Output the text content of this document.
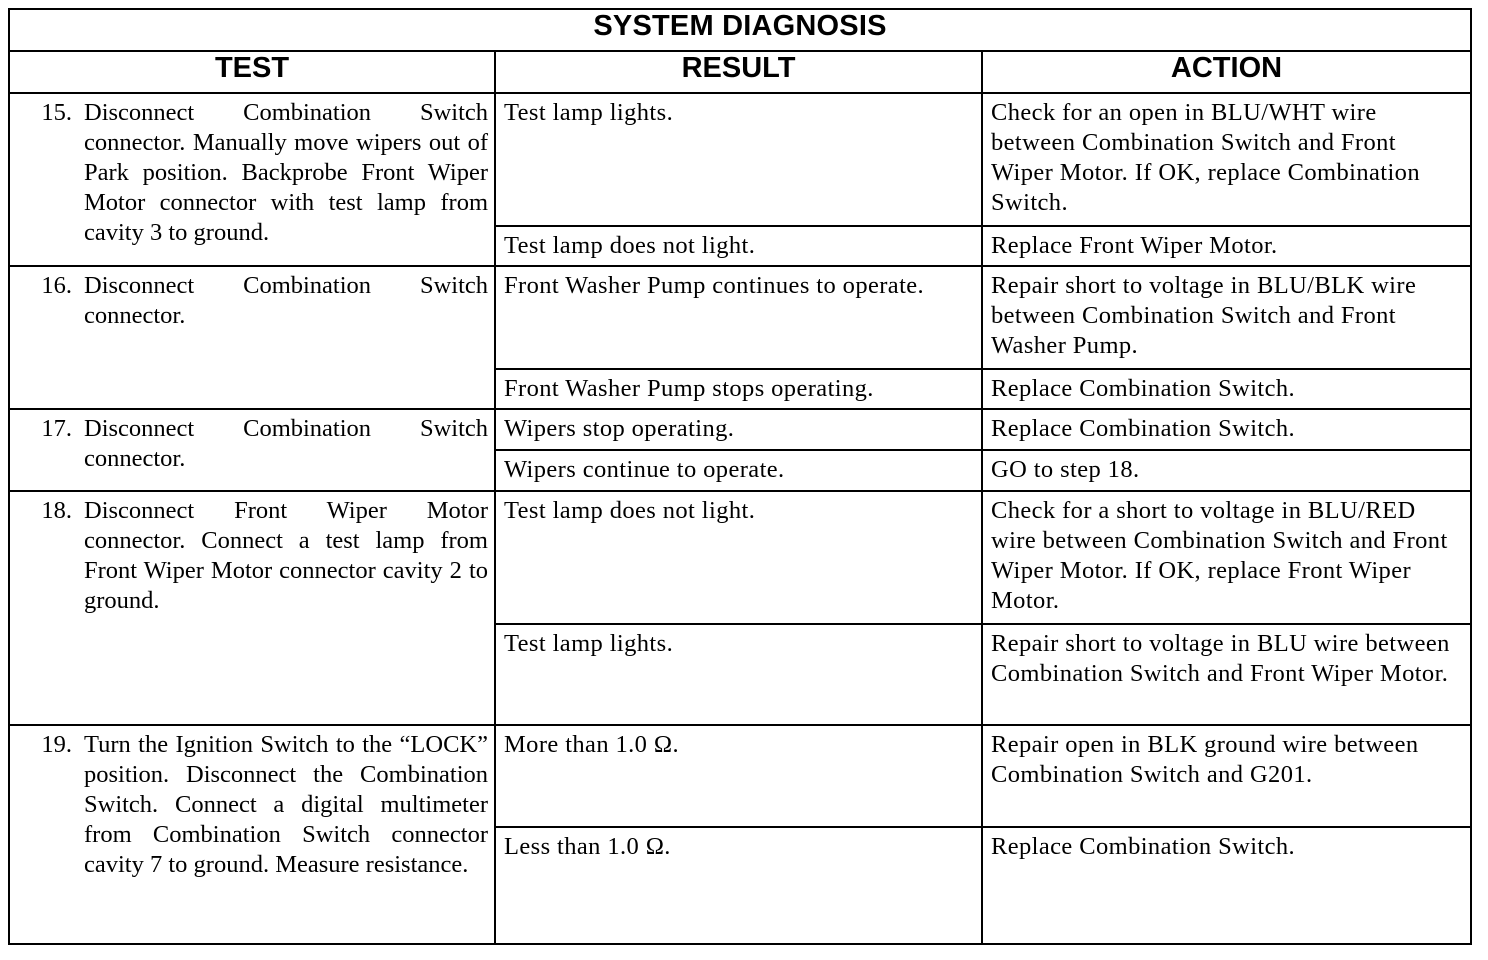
SYSTEM DIAGNOSIS		
TEST	RESULT	ACTION

15. Disconnect Combination Switch connector. Manually move wipers out of Park position. Backprobe Front Wiper Motor connector with test lamp from cavity 3 to ground.	Test lamp lights.	Check for an open in BLU/WHT wire between Combination Switch and Front Wiper Motor. If OK, replace Combination Switch.

	Test lamp does not light.	Replace Front Wiper Motor.

16. Disconnect Combination Switch connector.	Front Washer Pump continues to operate.	Repair short to voltage in BLU/BLK wire between Combination Switch and Front Washer Pump.

	Front Washer Pump stops operating.	Replace Combination Switch.

17. Disconnect Combination Switch connector.	Wipers stop operating.	Replace Combination Switch.

	Wipers continue to operate.	GO to step 18.

18. Disconnect Front Wiper Motor connector. Connect a test lamp from Front Wiper Motor connector cavity 2 to ground.	Test lamp does not light.	Check for a short to voltage in BLU/RED wire between Combination Switch and Front Wiper Motor. If OK, replace Front Wiper Motor.

	Test lamp lights.	Repair short to voltage in BLU wire between Combination Switch and Front Wiper Motor.

19. Turn the Ignition Switch to the “LOCK” position. Disconnect the Combination Switch. Connect a digital multimeter from Combination Switch connector cavity 7 to ground. Measure resistance.	More than 1.0 Ω.	Repair open in BLK ground wire between Combination Switch and G201.

	Less than 1.0 Ω.	Replace Combination Switch.
